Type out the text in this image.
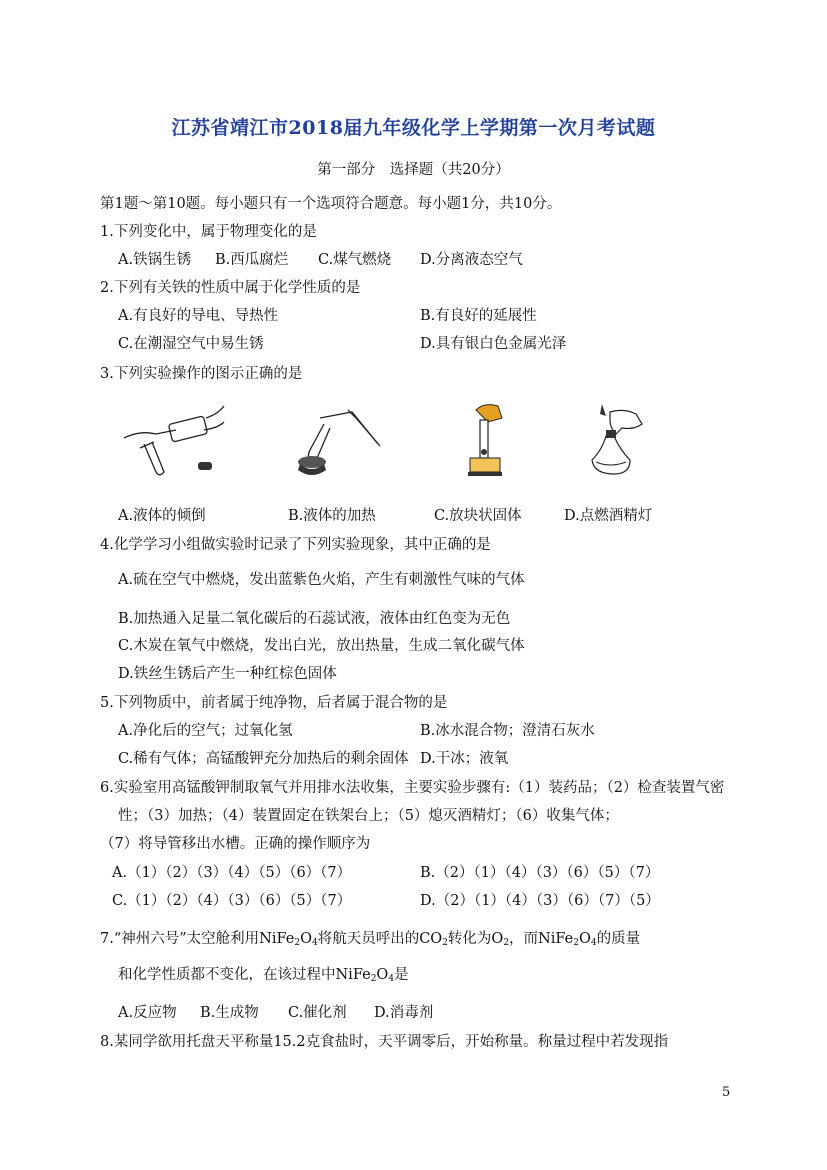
江苏省靖江市2018届九年级化学上学期第一次月考试题
第一部分　选择题（共20分）
第1题～第10题。每小题只有一个选项符合题意。每小题1分，共10分。
1.下列变化中，属于物理变化的是
A.铁锅生锈 B.西瓜腐烂 C.煤气燃烧 D.分离液态空气
2.下列有关铁的性质中属于化学性质的是
A.有良好的导电、导热性	B.有良好的延展性
C.在潮湿空气中易生锈	D.具有银白色金属光泽
3.下列实验操作的图示正确的是
A.液体的倾倒	B.液体的加热	C.放块状固体	D.点燃酒精灯
4.化学学习小组做实验时记录了下列实验现象，其中正确的是
A.硫在空气中燃烧，发出蓝紫色火焰，产生有刺激性气味的气体
B.加热通入足量二氧化碳后的石蕊试液，液体由红色变为无色
C.木炭在氧气中燃烧，发出白光，放出热量，生成二氧化碳气体
D.铁丝生锈后产生一种红棕色固体
5.下列物质中，前者属于纯净物，后者属于混合物的是
A.净化后的空气；过氧化氢	B.冰水混合物；澄清石灰水
C.稀有气体；高锰酸钾充分加热后的剩余固体 D.干冰；液氧
6.实验室用高锰酸钾制取氧气并用排水法收集，主要实验步骤有:（1）装药品；（2）检查装置气密
性；（3）加热；（4）装置固定在铁架台上；（5）熄灭酒精灯；（6）收集气体；
（7）将导管移出水槽。正确的操作顺序为
A.（1）（2）（3）（4）（5）（6）（7）	B.（2）（1）（4）（3）（6）（5）（7）
C.（1）（2）（4）（3）（6）（5）（7）	D.（2）（1）（4）（3）（6）（7）（5）
7.“神州六号”太空舱利用$NiFe_2O_4$将航天员呼出的$CO_2$转化为$O_2$，而$NiFe_2O_4$的质量
和化学性质都不变化，在该过程中$NiFe_2O_4$是
A.反应物 B.生成物 C.催化剂 D.消毒剂
8.某同学欲用托盘天平称量15.2克食盐时，天平调零后，开始称量。称量过程中若发现指
5
